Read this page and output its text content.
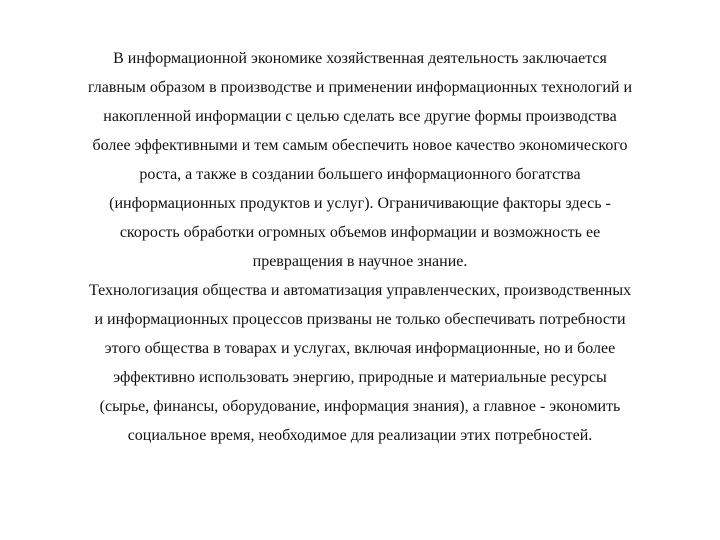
В информационной экономике хозяйственная деятельность заключается
главным образом в производстве и применении информационных технологий и
накопленной информации с целью сделать все другие формы производства
более эффективными и тем самым обеспечить новое качество экономического
роста, а также в создании большего информационного богатства
(информационных продуктов и услуг). Ограничивающие факторы здесь -
скорость обработки огромных объемов информации и возможность ее
превращения в научное знание.
Технологизация общества и автоматизация управленческих, производственных
и информационных процессов призваны не только обеспечивать потребности
этого общества в товарах и услугах, включая информационные, но и более
эффективно использовать энергию, природные и материальные ресурсы
(сырье, финансы, оборудование, информация знания), а главное - экономить
социальное время, необходимое для реализации этих потребностей.
